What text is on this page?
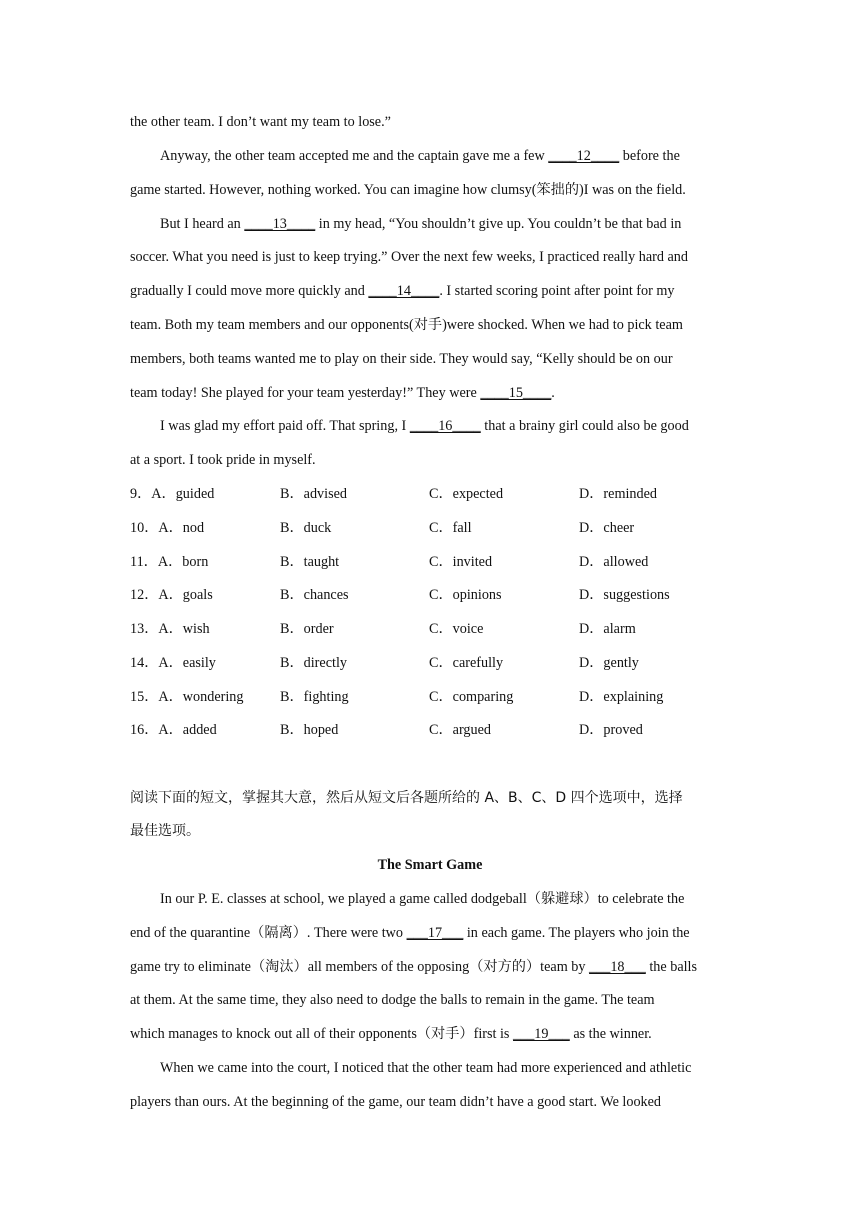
the other team. I don’t want my team to lose.”
Anyway, the other team accepted me and the captain gave me a few ____12____ before the
game started. However, nothing worked. You can imagine how clumsy(笨拙的)I was on the field.
But I heard an ____13____ in my head, “You shouldn’t give up. You couldn’t be that bad in
soccer. What you need is just to keep trying.” Over the next few weeks, I practiced really hard and
gradually I could move more quickly and ____14____. I started scoring point after point for my
team. Both my team members and our opponents(对手)were shocked. When we had to pick team
members, both teams wanted me to play on their side. They would say, “Kelly should be on our
team today! She played for your team yesterday!” They were ____15____.
I was glad my effort paid off. That spring, I ____16____ that a brainy girl could also be good
at a sport. I took pride in myself.
9．A．guided	B．advised	C．expected	D．reminded
10．A．nod	B．duck	C．fall	D．cheer
11．A．born	B．taught	C．invited	D．allowed
12．A．goals	B．chances	C．opinions	D．suggestions
13．A．wish	B．order	C．voice	D．alarm
14．A．easily	B．directly	C．carefully	D．gently
15．A．wondering	B．fighting	C．comparing	D．explaining
16．A．added	B．hoped	C．argued	D．proved
阅读下面的短文，掌握其大意，然后从短文后各题所给的 A、B、C、D 四个选项中，选择
最佳选项。
The Smart Game
In our P. E. classes at school, we played a game called dodgeball（躲避球）to celebrate the
end of the quarantine（隔离）. There were two ___17___ in each game. The players who join the
game try to eliminate（淘汰）all members of the opposing（对方的）team by ___18___ the balls
at them. At the same time, they also need to dodge the balls to remain in the game. The team
which manages to knock out all of their opponents（对手）first is ___19___ as the winner.
When we came into the court, I noticed that the other team had more experienced and athletic
players than ours. At the beginning of the game, our team didn’t have a good start. We looked
